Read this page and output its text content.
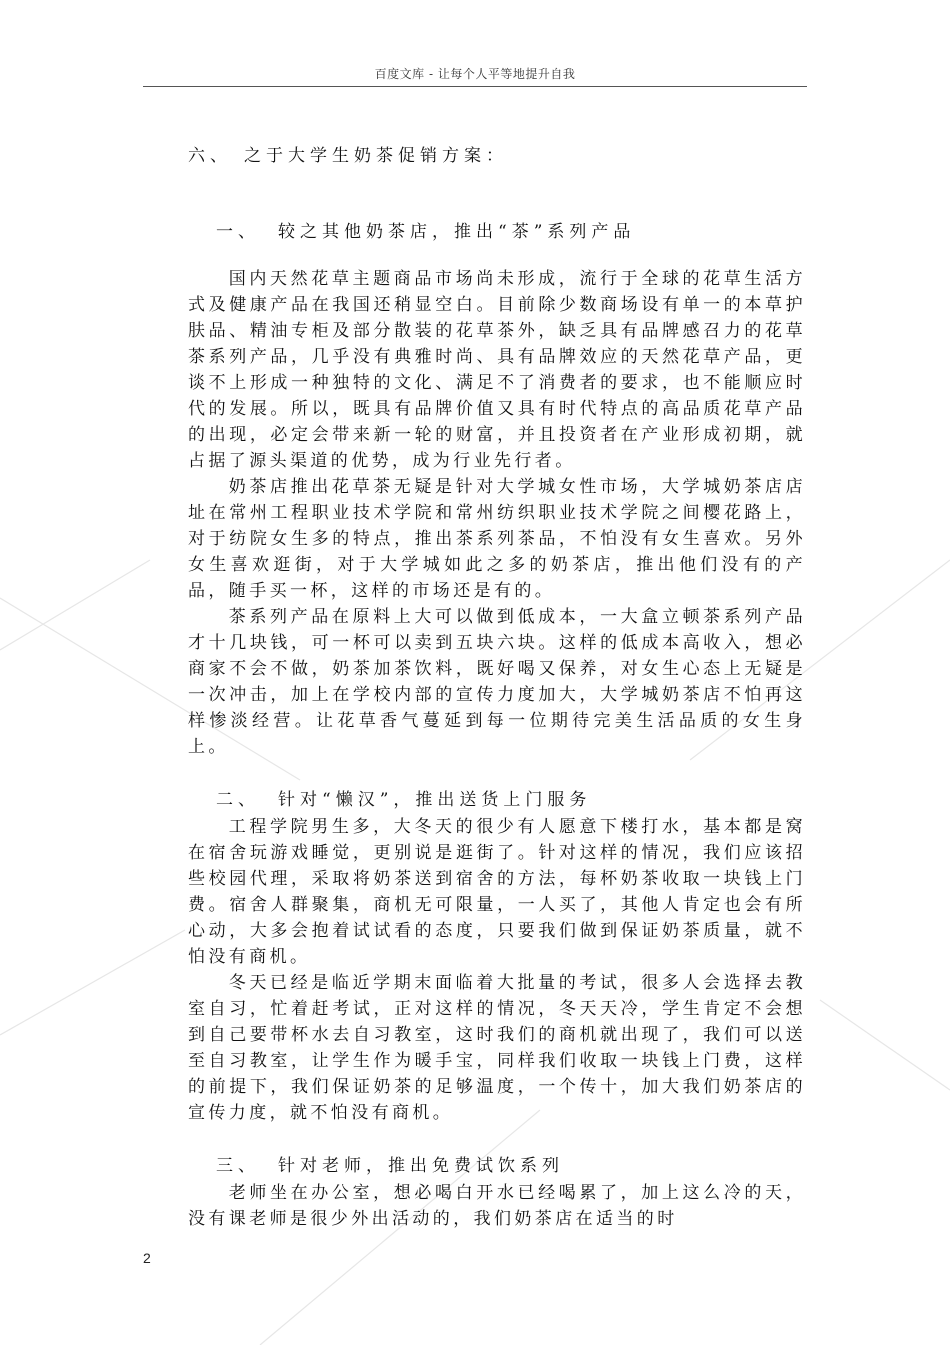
百度文库 - 让每个人平等地提升自我
六、 之于大学生奶茶促销方案：
一、 较之其他奶茶店，推出“茶”系列产品

国内天然花草主题商品市场尚未形成，流行于全球的花草生活方式及健康产品在我国还稍显空白。目前除少数商场设有单一的本草护肤品、精油专柜及部分散装的花草茶外，缺乏具有品牌感召力的花草茶系列产品，几乎没有典雅时尚、具有品牌效应的天然花草产品，更谈不上形成一种独特的文化、满足不了消费者的要求，也不能顺应时代的发展。所以，既具有品牌价值又具有时代特点的高品质花草产品的出现，必定会带来新一轮的财富，并且投资者在产业形成初期，就占据了源头渠道的优势，成为行业先行者。

奶茶店推出花草茶无疑是针对大学城女性市场，大学城奶茶店店址在常州工程职业技术学院和常州纺织职业技术学院之间樱花路上，对于纺院女生多的特点，推出茶系列茶品，不怕没有女生喜欢。另外女生喜欢逛街，对于大学城如此之多的奶茶店，推出他们没有的产品，随手买一杯，这样的市场还是有的。

茶系列产品在原料上大可以做到低成本，一大盒立顿茶系列产品才十几块钱，可一杯可以卖到五块六块。这样的低成本高收入，想必商家不会不做，奶茶加茶饮料，既好喝又保养，对女生心态上无疑是一次冲击，加上在学校内部的宣传力度加大，大学城奶茶店不怕再这样惨淡经营。让花草香气蔓延到每一位期待完美生活品质的女生身上。

二、 针对“懒汉”，推出送货上门服务

工程学院男生多，大冬天的很少有人愿意下楼打水，基本都是窝在宿舍玩游戏睡觉，更别说是逛街了。针对这样的情况，我们应该招些校园代理，采取将奶茶送到宿舍的方法，每杯奶茶收取一块钱上门费。宿舍人群聚集，商机无可限量，一人买了，其他人肯定也会有所心动，大多会抱着试试看的态度，只要我们做到保证奶茶质量，就不怕没有商机。

冬天已经是临近学期末面临着大批量的考试，很多人会选择去教室自习，忙着赶考试，正对这样的情况，冬天天冷，学生肯定不会想到自己要带杯水去自习教室，这时我们的商机就出现了，我们可以送至自习教室，让学生作为暖手宝，同样我们收取一块钱上门费，这样的前提下，我们保证奶茶的足够温度，一个传十，加大我们奶茶店的宣传力度，就不怕没有商机。

三、 针对老师，推出免费试饮系列

老师坐在办公室，想必喝白开水已经喝累了，加上这么冷的天，没有课老师是很少外出活动的，我们奶茶店在适当的时

2
